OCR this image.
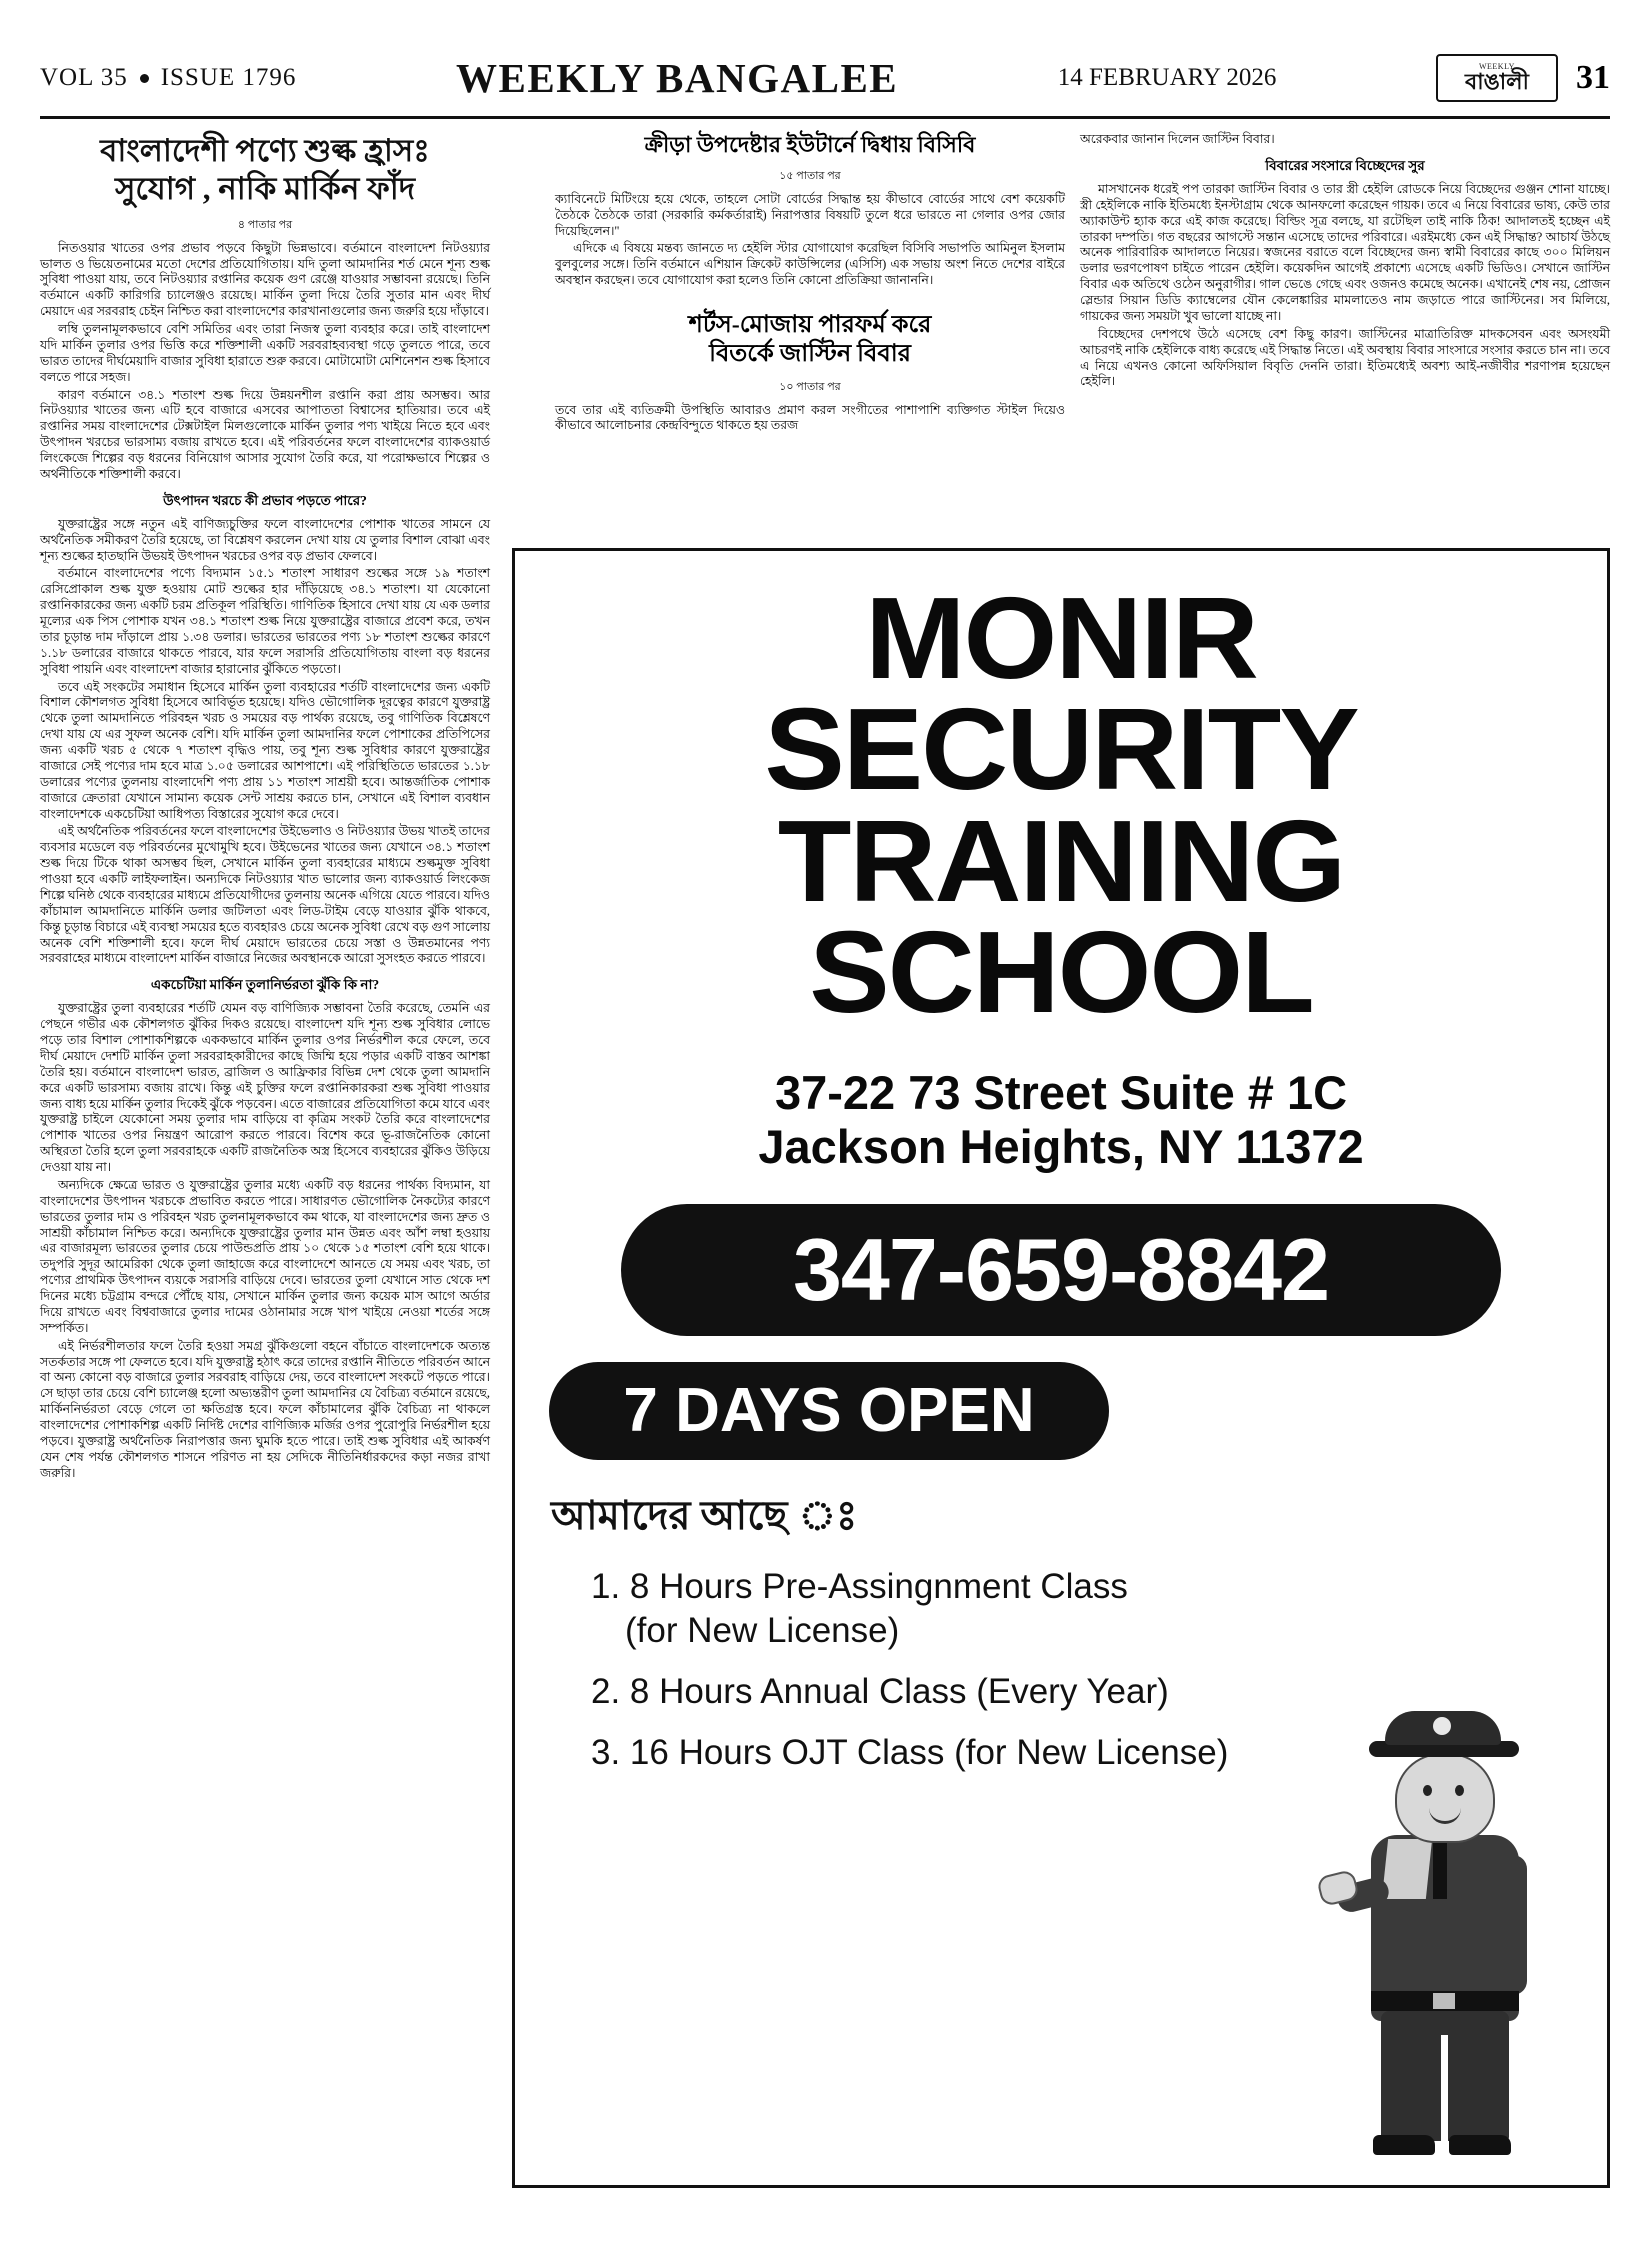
VOL 35 ISSUE 1796	WEEKLY BANGALEE	14 FEBRUARY 2026	WEEKLY
বাঙালী 31
বাংলাদেশী পণ্যে শুল্ক হ্রাসঃ
সুযোগ , নাকি মার্কিন ফাঁদ
৪ পাতার পর

নিতওয়ার খাতের ওপর প্রভাব পড়বে কিছুটা ভিন্নভাবে। বর্তমানে বাংলাদেশ নিটওয়্যার ভালত ও ভিয়েতনামের মতো দেশের প্রতিযোগিতায়। যদি তুলা আমদানির শর্ত মেনে শূন্য শুল্ক সুবিধা পাওয়া যায়, তবে নিটওয়্যার রপ্তানির কয়েক গুণ রেঞ্জে যাওয়ার সম্ভাবনা রয়েছে। তিনি বর্তমানে একটি কারিগরি চ্যালেঞ্জও রয়েছে। মার্কিন তুলা দিয়ে তৈরি সুতার মান এবং দীর্ঘ মেয়াদে এর সরবরাহ চেইন নিশ্চিত করা বাংলাদেশের কারখানাগুলোর জন্য জরুরি হয়ে দাঁড়াবে।

লম্বি তুলনামূলকভাবে বেশি সমিতির এবং তারা নিজস্ব তুলা ব্যবহার করে। তাই বাংলাদেশ যদি মার্কিন তুলার ওপর ভিত্তি করে শক্তিশালী একটি সরবরাহব্যবস্থা গড়ে তুলতে পারে, তবে ভারত তাদের দীর্ঘমেয়াদি বাজার সুবিধা হারাতে শুরু করবে। মোটামোটা মেশিনেশন শুল্ক হিসাবে বলতে পারে সহজ।

কারণ বর্তমানে ৩৪.১ শতাংশ শুল্ক দিয়ে উন্নয়নশীল রপ্তানি করা প্রায় অসম্ভব। আর নিটওয়্যার খাতের জন্য এটি হবে বাজারে এসবের আপাততা বিশ্বাসের হাতিয়ার। তবে এই রপ্তানির সময় বাংলাদেশের টেক্সটাইল মিলগুলোকে মার্কিন তুলার পণ্য খাইয়ে নিতে হবে এবং উৎপাদন খরচের ভারসাম্য বজায় রাখতে হবে। এই পরিবর্তনের ফলে বাংলাদেশের ব্যাকওয়ার্ড লিংকেজে শিল্পের বড় ধরনের বিনিয়োগ আসার সুযোগ তৈরি করে, যা পরোক্ষভাবে শিল্পের ও অর্থনীতিকে শক্তিশালী করবে।

উৎপাদন খরচে কী প্রভাব পড়তে পারে?

যুক্তরাষ্ট্রের সঙ্গে নতুন এই বাণিজ্যচুক্তির ফলে বাংলাদেশের পোশাক খাতের সামনে যে অর্থনৈতিক সমীকরণ তৈরি হয়েছে, তা বিশ্লেষণ করলেন দেখা যায় যে তুলার বিশাল বোঝা এবং শূন্য শুল্কের হাতছানি উভয়ই উৎপাদন খরচের ওপর বড় প্রভাব ফেলবে।

বর্তমানে বাংলাদেশের পণ্যে বিদ্যমান ১৫.১ শতাংশ সাধারণ শুল্কের সঙ্গে ১৯ শতাংশ রেসিপ্রোকাল শুল্ক যুক্ত হওয়ায় মোট শুল্কের হার দাঁড়িয়েছে ৩৪.১ শতাংশ। যা যেকোনো রপ্তানিকারকের জন্য একটি চরম প্রতিকূল পরিস্থিতি। গাণিতিক হিসাবে দেখা যায় যে এক ডলার মূল্যের এক পিস পোশাক যখন ৩৪.১ শতাংশ শুল্ক নিয়ে যুক্তরাষ্ট্রের বাজারে প্রবেশ করে, তখন তার চূড়ান্ত দাম দাঁড়ালে প্রায় ১.৩৪ ডলার। ভারতের ভারতের পণ্য ১৮ শতাংশ শুল্কের কারণে ১.১৮ ডলারের বাজারে থাকতে পারবে, যার ফলে সরাসরি প্রতিযোগিতায় বাংলা বড় ধরনের সুবিধা পায়নি এবং বাংলাদেশ বাজার হারানোর ঝুঁকিতে পড়তো।

তবে এই সংকটের সমাধান হিসেবে মার্কিন তুলা ব্যবহারের শর্তটি বাংলাদেশের জন্য একটি বিশাল কৌশলগত সুবিধা হিসেবে আবির্ভূত হয়েছে। যদিও ভৌগোলিক দূরত্বের কারণে যুক্তরাষ্ট্র থেকে তুলা আমদানিতে পরিবহন খরচ ও সময়ের বড় পার্থক্য রয়েছে, তবু গাণিতিক বিশ্লেষণে দেখা যায় যে এর সুফল অনেক বেশি। যদি মার্কিন তুলা আমদানির ফলে পোশাকের প্রতিপিসের জন্য একটি খরচ ৫ থেকে ৭ শতাংশ বৃদ্ধিও পায়, তবু শূন্য শুল্ক সুবিধার কারণে যুক্তরাষ্ট্রের বাজারে সেই পণ্যের দাম হবে মাত্র ১.০৫ ডলারের আশপাশে। এই পরিস্থিতিতে ভারতের ১.১৮ ডলারের পণ্যের তুলনায় বাংলাদেশি পণ্য প্রায় ১১ শতাংশ সাশ্রয়ী হবে। আন্তর্জাতিক পোশাক বাজারে ক্রেতারা যেখানে সামান্য কয়েক সেন্ট সাশ্রয় করতে চান, সেখানে এই বিশাল ব্যবধান বাংলাদেশকে একচেটিয়া আধিপত্য বিস্তারের সুযোগ করে দেবে।

এই অর্থনৈতিক পরিবর্তনের ফলে বাংলাদেশের উইভেলাও ও নিটওয়্যার উভয় খাতই তাদের ব্যবসার মডেলে বড় পরিবর্তনের মুখোমুখি হবে। উইভেনের খাতের জন্য যেখানে ৩৪.১ শতাংশ শুল্ক দিয়ে টিকে থাকা অসম্ভব ছিল, সেখানে মার্কিন তুলা ব্যবহারের মাধ্যমে শুল্কমুক্ত সুবিধা পাওয়া হবে একটি লাইফলাইন। অন্যদিকে নিটওয়্যার খাত ভালোর জন্য ব্যাকওয়ার্ড লিংকেজ শিল্পে ঘনিষ্ঠ থেকে ব্যবহারের মাধ্যমে প্রতিযোগীদের তুলনায় অনেক এগিয়ে যেতে পারবে। যদিও কাঁচামাল আমদানিতে মার্কিনি ডলার জটিলতা এবং লিড-টাইম বেড়ে যাওয়ার ঝুঁকি থাকবে, কিন্তু চূড়ান্ত বিচারে এই ব্যবস্থা সময়ের হতে ব্যবহারও চেয়ে অনেক সুবিধা রেখে বড় গুণ সালোয় অনেক বেশি শক্তিশালী হবে। ফলে দীর্ঘ মেয়াদে ভারতের চেয়ে সস্তা ও উন্নতমানের পণ্য সরবরাহের মাধ্যমে বাংলাদেশ মার্কিন বাজারে নিজের অবস্থানকে আরো সুসংহত করতে পারবে।

একচেটিয়া মার্কিন তুলানির্ভরতা ঝুঁকি কি না?

যুক্তরাষ্ট্রের তুলা ব্যবহারের শর্তটি যেমন বড় বাণিজ্যিক সম্ভাবনা তৈরি করেছে, তেমনি এর পেছনে গভীর এক কৌশলগত ঝুঁকির দিকও রয়েছে। বাংলাদেশ যদি শূন্য শুল্ক সুবিধার লোভে পড়ে তার বিশাল পোশাকশিল্পকে এককভাবে মার্কিন তুলার ওপর নির্ভরশীল করে ফেলে, তবে দীর্ঘ মেয়াদে দেশটি মার্কিন তুলা সরবরাহকারীদের কাছে জিম্মি হয়ে পড়ার একটি বাস্তব আশঙ্কা তৈরি হয়। বর্তমানে বাংলাদেশ ভারত, ব্রাজিল ও আফ্রিকার বিভিন্ন দেশ থেকে তুলা আমদানি করে একটি ভারসাম্য বজায় রাখে। কিন্তু এই চুক্তির ফলে রপ্তানিকারকরা শুল্ক সুবিধা পাওয়ার জন্য বাধ্য হয়ে মার্কিন তুলার দিকেই ঝুঁকে পড়বেন। এতে বাজারের প্রতিযোগিতা কমে যাবে এবং যুক্তরাষ্ট্র চাইলে যেকোনো সময় তুলার দাম বাড়িয়ে বা কৃত্রিম সংকট তৈরি করে বাংলাদেশের পোশাক খাতের ওপর নিয়ন্ত্রণ আরোপ করতে পারবে। বিশেষ করে ভূ-রাজনৈতিক কোনো অস্থিরতা তৈরি হলে তুলা সরবরাহকে একটি রাজনৈতিক অস্ত্র হিসেবে ব্যবহারের ঝুঁকিও উড়িয়ে দেওয়া যায় না।

অন্যদিকে ক্ষেত্রে ভারত ও যুক্তরাষ্ট্রের তুলার মধ্যে একটি বড় ধরনের পার্থক্য বিদ্যমান, যা বাংলাদেশের উৎপাদন খরচকে প্রভাবিত করতে পারে। সাধারণত ভৌগোলিক নৈকট্যের কারণে ভারতের তুলার দাম ও পরিবহন খরচ তুলনামূলকভাবে কম থাকে, যা বাংলাদেশের জন্য দ্রুত ও সাশ্রয়ী কাঁচামাল নিশ্চিত করে। অন্যদিকে যুক্তরাষ্ট্রের তুলার মান উন্নত এবং আঁশ লম্বা হওয়ায় এর বাজারমূল্য ভারতের তুলার চেয়ে পাউন্ডপ্রতি প্রায় ১০ থেকে ১৫ শতাংশ বেশি হয়ে থাকে। তদুপরি সুদূর আমেরিকা থেকে তুলা জাহাজে করে বাংলাদেশে আনতে যে সময় এবং খরচ, তা পণ্যের প্রাথমিক উৎপাদন ব্যয়কে সরাসরি বাড়িয়ে দেবে। ভারতের তুলা যেখানে সাত থেকে দশ দিনের মধ্যে চট্টগ্রাম বন্দরে পৌঁছে যায়, সেখানে মার্কিন তুলার জন্য কয়েক মাস আগে অর্ডার দিয়ে রাখতে এবং বিশ্ববাজারে তুলার দামের ওঠানামার সঙ্গে খাপ খাইয়ে নেওয়া শর্তের সঙ্গে সম্পর্কিত।

এই নির্ভরশীলতার ফলে তৈরি হওয়া সমগ্র ঝুঁকিগুলো বহনে বাঁচাতে বাংলাদেশকে অত্যন্ত সতর্কতার সঙ্গে পা ফেলতে হবে। যদি যুক্তরাষ্ট্র হঠাৎ করে তাদের রপ্তানি নীতিতে পরিবর্তন আনে বা অন্য কোনো বড় বাজারে তুলার সরবরাহ বাড়িয়ে দেয়, তবে বাংলাদেশ সংকটে পড়তে পারে। সে ছাড়া তার চেয়ে বেশি চ্যালেঞ্জ হলো অভ্যন্তরীণ তুলা আমদানির যে বৈচিত্র্য বর্তমানে রয়েছে, মার্কিননির্ভরতা বেড়ে গেলে তা ক্ষতিগ্রস্ত হবে। ফলে কাঁচামালের ঝুঁকি বৈচিত্র্য না থাকলে বাংলাদেশের পোশাকশিল্প একটি নির্দিষ্ট দেশের বাণিজ্যিক মর্জির ওপর পুরোপুরি নির্ভরশীল হয়ে পড়বে। যুক্তরাষ্ট্র অর্থনৈতিক নিরাপত্তার জন্য ঘুমকি হতে পারে। তাই শুল্ক সুবিধার এই আকর্ষণ যেন শেষ পর্যন্ত কৌশলগত শাসনে পরিণত না হয় সেদিকে নীতিনির্ধারকদের কড়া নজর রাখা জরুরি।

ক্রীড়া উপদেষ্টার ইউটার্নে দ্বিধায় বিসিবি
১৫ পাতার পর

ক্যাবিনেটে মিটিংয়ে হয়ে থেকে, তাহলে সোটা বোর্ডের সিদ্ধান্ত হয় কীভাবে বোর্ডের সাথে বেশ কয়েকটি তৈঠকে তৈঠকে তারা (সরকারি কর্মকর্তারাই) নিরাপত্তার বিষয়টি তুলে ধরে ভারতে না গেলার ওপর জোর দিয়েছিলেন।"

এদিকে এ বিষয়ে মন্তব্য জানতে দ্য হেইলি স্টার যোগাযোগ করেছিল বিসিবি সভাপতি আমিনুল ইসলাম বুলবুলের সঙ্গে। তিনি বর্তমানে এশিয়ান ক্রিকেট কাউন্সিলের (এসিসি) এক সভায় অংশ নিতে দেশের বাইরে অবস্থান করছেন। তবে যোগাযোগ করা হলেও তিনি কোনো প্রতিক্রিয়া জানাননি।

শর্টস-মোজায় পারফর্ম করে
বিতর্কে জাস্টিন বিবার
১০ পাতার পর

তবে তার এই ব্যতিক্রমী উপস্থিতি আবারও প্রমাণ করল সংগীতের পাশাপাশি ব্যক্তিগত স্টাইল দিয়েও কীভাবে আলোচনার কেন্দ্রবিন্দুতে থাকতে হয় তরজ

অরেকবার জানান দিলেন জাস্টিন বিবার।

বিবারের সংসারে বিচ্ছেদের সুর

মাসখানেক ধরেই পপ তারকা জাস্টিন বিবার ও তার স্ত্রী হেইলি রোডকে নিয়ে বিচ্ছেদের গুঞ্জন শোনা যাচ্ছে। স্ত্রী হেইলিকে নাকি ইতিমধ্যে ইনস্টাগ্রাম থেকে আনফলো করেছেন গায়ক। তবে এ নিয়ে বিবারের ভাষ্য, কেউ তার অ্যাকাউন্ট হ্যাক করে এই কাজ করেছে। বিল্ডিং সূত্র বলছে, যা রটেছিল তাই নাকি ঠিক! আদালতই হচ্ছেন এই তারকা দম্পতি। গত বছরের আগস্টে সন্তান এসেছে তাদের পরিবারে। এরইমধ্যে কেন এই সিদ্ধান্ত? আচার্য উঠছে অনেক পারিবারিক আদালতে নিয়ের। স্বজনের বরাতে বলে বিচ্ছেদের জন্য স্বামী বিবারের কাছে ৩০০ মিলিয়ন ডলার ভরণপোষণ চাইতে পারেন হেইলি। কয়েকদিন আগেই প্রকাশ্যে এসেছে একটি ভিডিও। সেখানে জাস্টিন বিবার এক অতিথে ওঠেন অনুরাগীর। গাল ভেঙে গেছে এবং ওজনও কমেছে অনেক। এখানেই শেষ নয়, প্রোজন স্লেন্ডার সিয়ান ডিডি ক্যাম্বেলের যৌন কেলেঙ্কারির মামলাতেও নাম জড়াতে পারে জাস্টিনের। সব মিলিয়ে, গায়কের জন্য সময়টা খুব ভালো যাচ্ছে না।

বিচ্ছেদের দেশপথে উঠে এসেছে বেশ কিছু কারণ। জাস্টিনের মাত্রাতিরিক্ত মাদকসেবন এবং অসংযমী আচরণই নাকি হেইলিকে বাধ্য করেছে এই সিদ্ধান্ত নিতে। এই অবস্থায় বিবার সাংসারে সংসার করতে চান না। তবে এ নিয়ে এখনও কোনো অফিসিয়াল বিবৃতি দেননি তারা। ইতিমধ্যেই অবশ্য আই-নজীবীর শরণাপন্ন হয়েছেন হেইলি।

MONIR
SECURITY
TRAINING
SCHOOL
37-22 73 Street Suite # 1C
Jackson Heights, NY 11372
347-659-8842
7 DAYS OPEN
আমাদের আছে ঃ
1. 8 Hours Pre-Assingnment Class
(for New License)
2. 8 Hours Annual Class (Every Year)
3. 16 Hours OJT Class (for New License)
